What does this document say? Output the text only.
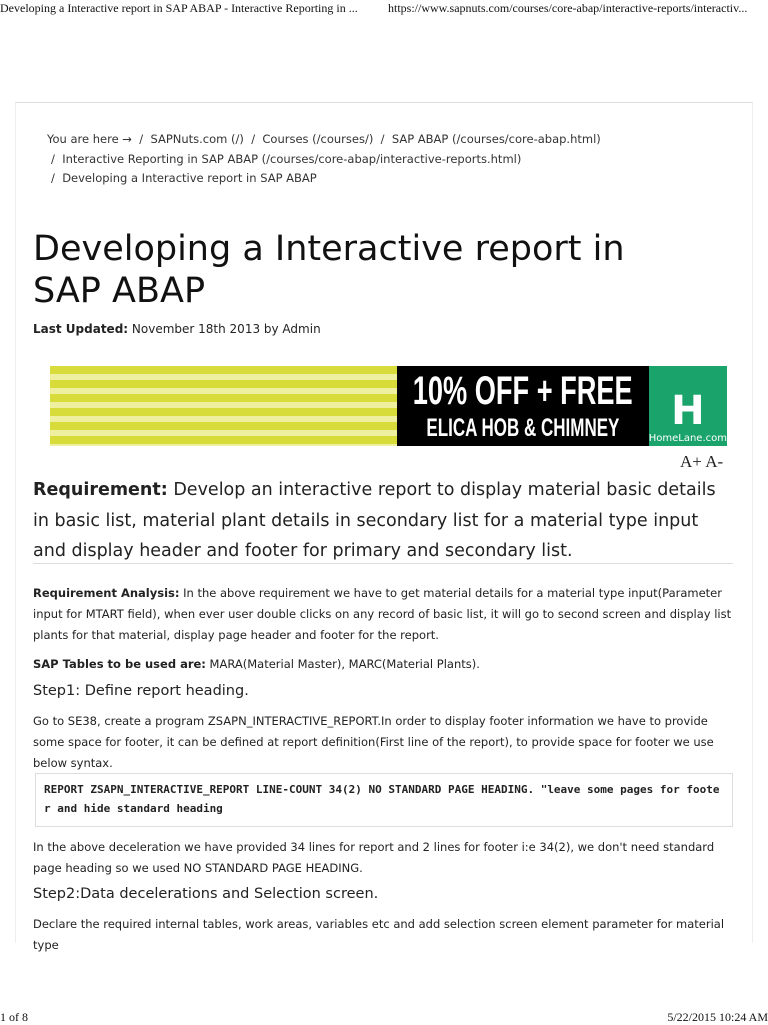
Developing a Interactive report in SAP ABAP - Interactive Reporting in ...	https://www.sapnuts.com/courses/core-abap/interactive-reports/interactiv...
You are here → / SAPNuts.com (/) / Courses (/courses/) / SAP ABAP (/courses/core-abap.html)
/ Interactive Reporting in SAP ABAP (/courses/core-abap/interactive-reports.html)
/ Developing a Interactive report in SAP ABAP
Developing a Interactive report in SAP ABAP
Last Updated: November 18th 2013 by Admin
10% OFF + FREE
ELICA HOB & CHIMNEY H
HomeLane.com
A+ A-
Requirement: Develop an interactive report to display material basic details in basic list, material plant details in secondary list for a material type input and display header and footer for primary and secondary list.
Requirement Analysis: In the above requirement we have to get material details for a material type input(Parameter input for MTART field), when ever user double clicks on any record of basic list, it will go to second screen and display list plants for that material, display page header and footer for the report.
SAP Tables to be used are: MARA(Material Master), MARC(Material Plants).
Step1: Define report heading.
Go to SE38, create a program ZSAPN_INTERACTIVE_REPORT.In order to display footer information we have to provide some space for footer, it can be defined at report definition(First line of the report), to provide space for footer we use below syntax.
REPORT ZSAPN_INTERACTIVE_REPORT LINE-COUNT 34(2) NO STANDARD PAGE HEADING. "leave some pages for footer and hide standard heading
In the above deceleration we have provided 34 lines for report and 2 lines for footer i:e 34(2), we don't need standard page heading so we used NO STANDARD PAGE HEADING.
Step2:Data decelerations and Selection screen.
Declare the required internal tables, work areas, variables etc and add selection screen element parameter for material type
1 of 8	5/22/2015 10:24 AM
